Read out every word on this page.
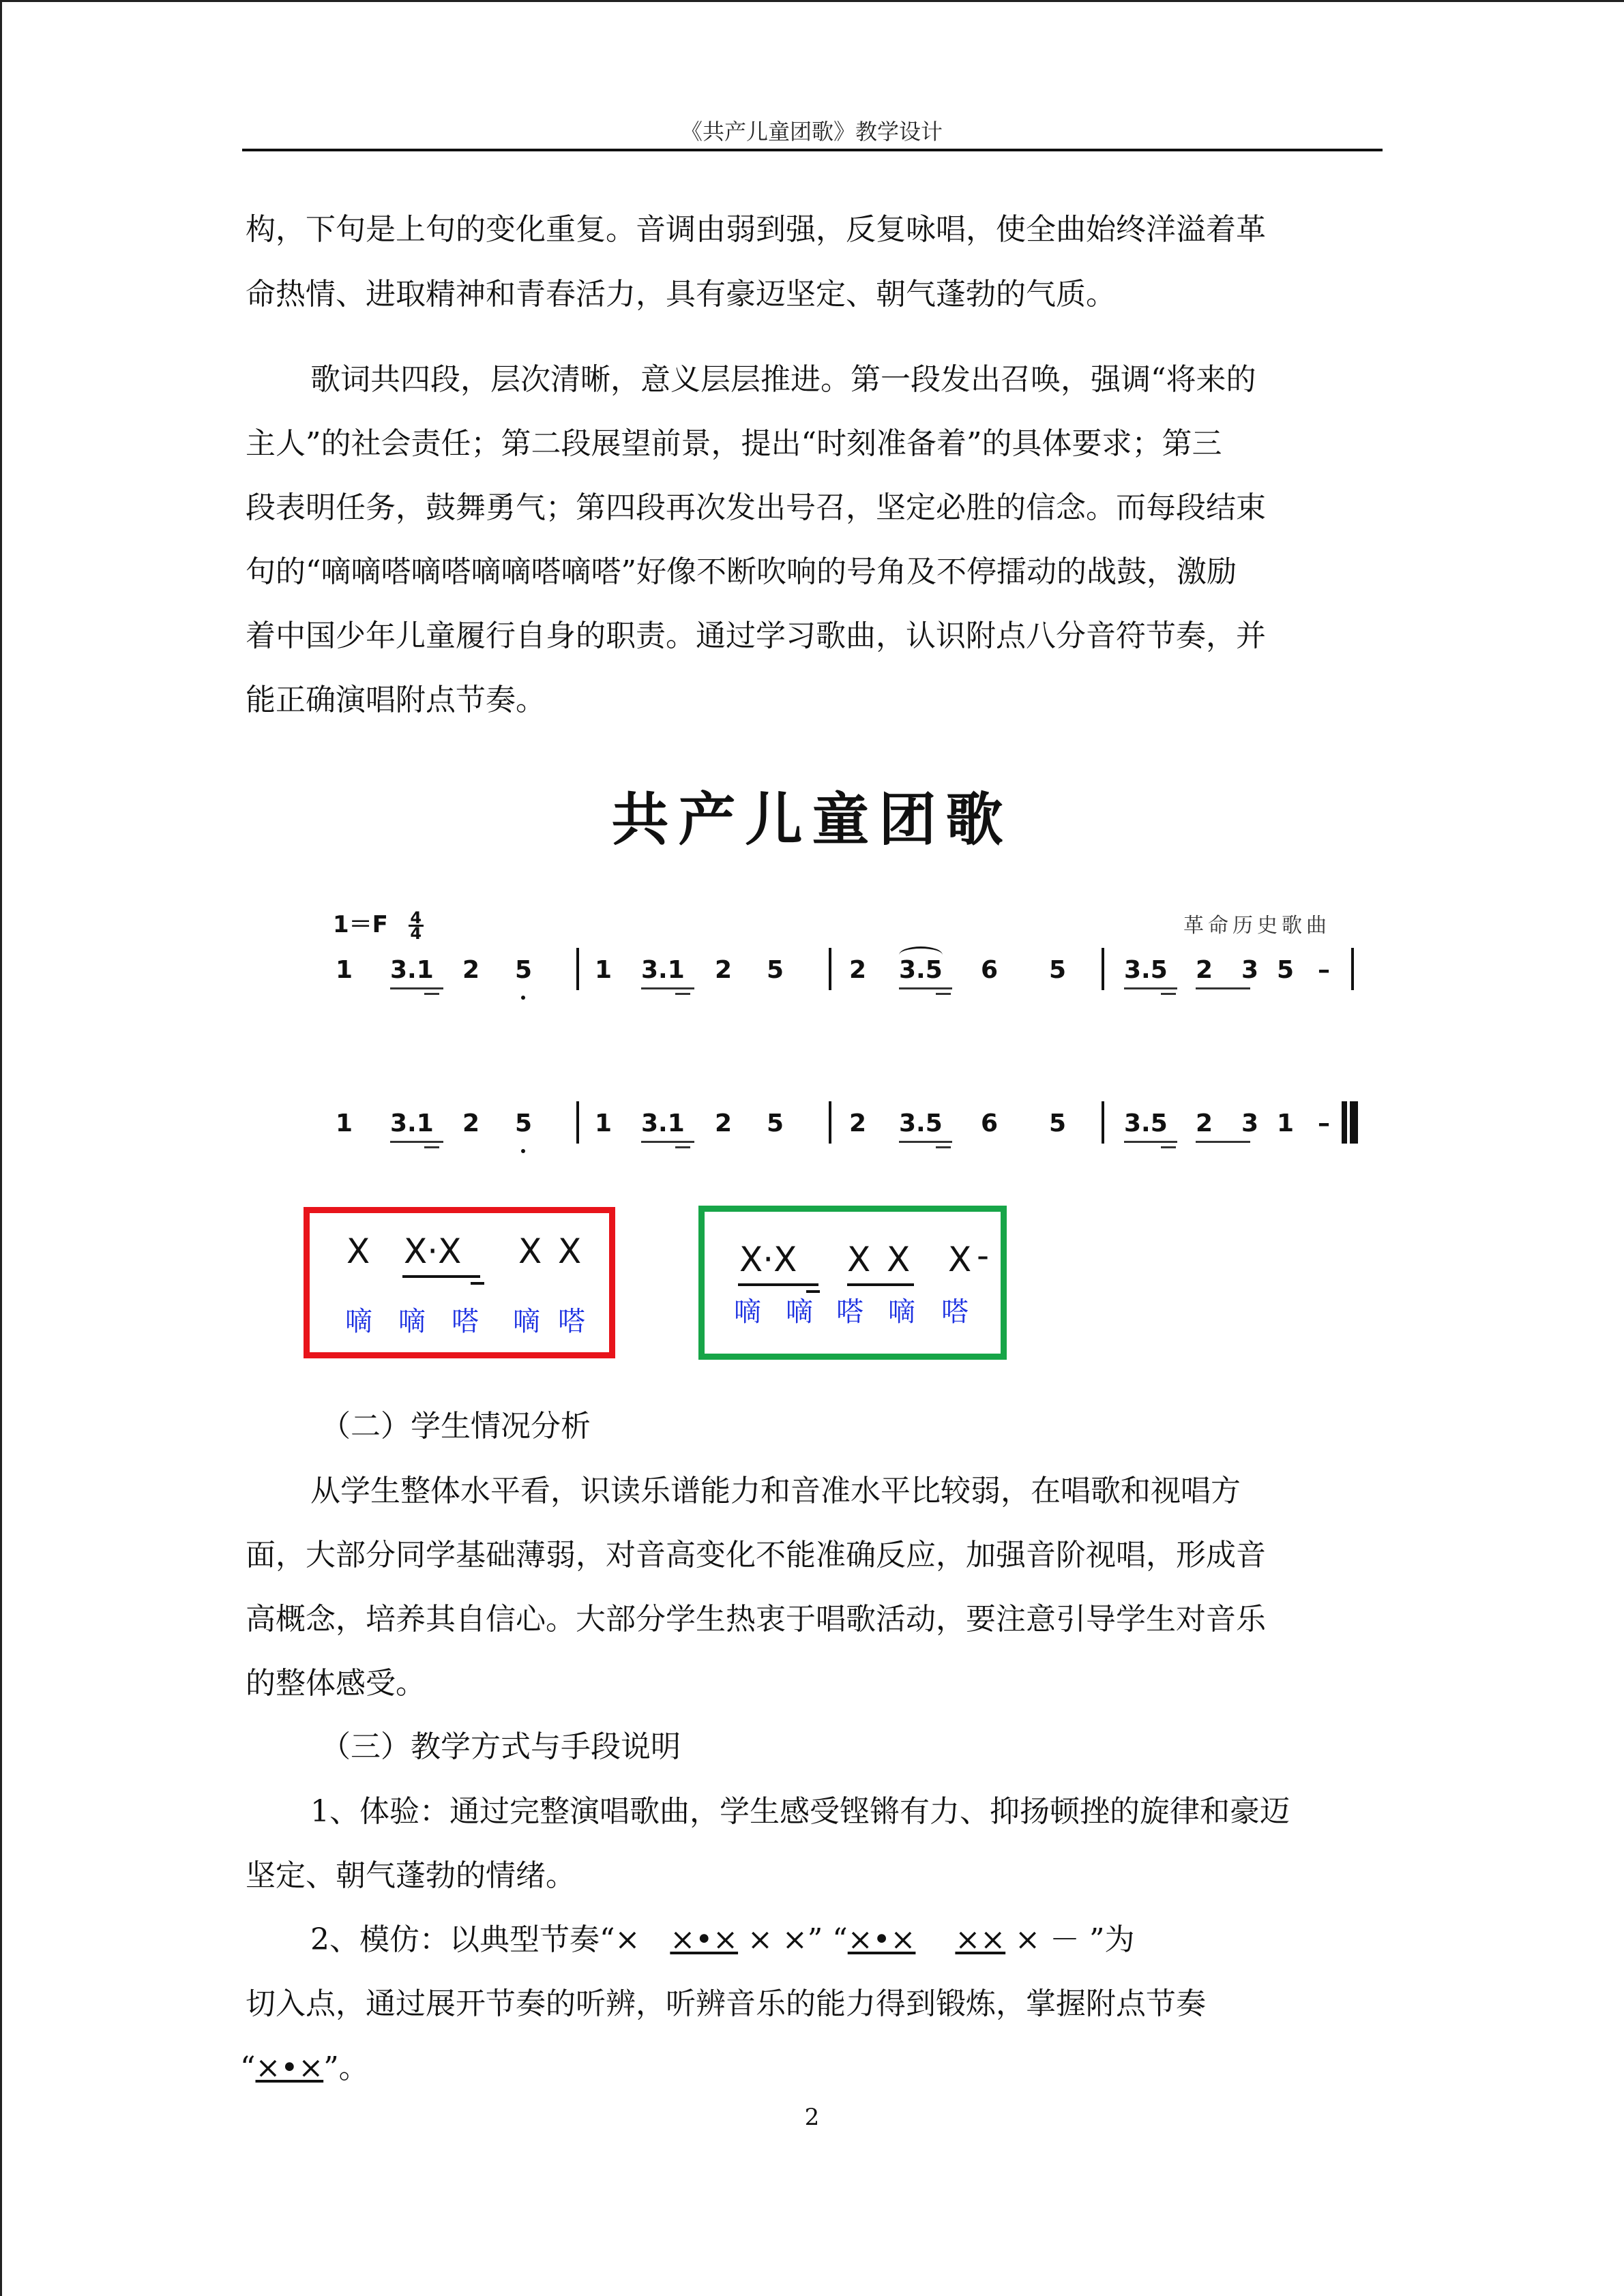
《共产儿童团歌》教学设计
构，下句是上句的变化重复。音调由弱到强，反复咏唱，使全曲始终洋溢着革
命热情、进取精神和青春活力，具有豪迈坚定、朝气蓬勃的气质。
歌词共四段，层次清晰，意义层层推进。第一段发出召唤，强调“将来的
主人”的社会责任；第二段展望前景，提出“时刻准备着”的具体要求；第三
段表明任务，鼓舞勇气；第四段再次发出号召，坚定必胜的信念。而每段结束
句的“嘀嘀嗒嘀嗒嘀嘀嗒嘀嗒”好像不断吹响的号角及不停擂动的战鼓，激励
着中国少年儿童履行自身的职责。通过学习歌曲，认识附点八分音符节奏，并
能正确演唱附点节奏。
共产儿童团歌
$1=F \frac{4}{4}$	革命历史歌曲
1 3.1 2 5	1 3.1 2 5	2 3.5 6 5 3.5 2 3 5 –
1 3.1 2 5	1 3.1 2 5	2 3.5 6 5 3.5 2 3 1 –
X X·X X X
嘀 嘀 嗒 嘀 嗒
X·X X X X -
嘀 嘀 嗒 嘀 嗒
（二）学生情况分析
从学生整体水平看，识读乐谱能力和音准水平比较弱，在唱歌和视唱方
面，大部分同学基础薄弱，对音高变化不能准确反应，加强音阶视唱，形成音
高概念，培养其自信心。大部分学生热衷于唱歌活动，要注意引导学生对音乐
的整体感受。
（三）教学方式与手段说明
1、体验：通过完整演唱歌曲，学生感受铿锵有力、抑扬顿挫的旋律和豪迈
坚定、朝气蓬勃的情绪。
2、模仿：以典型节奏“×　×•× × ×” “×•×　 ×× × － ”为
切入点，通过展开节奏的听辨，听辨音乐的能力得到锻炼，掌握附点节奏
“×•×”。
2
